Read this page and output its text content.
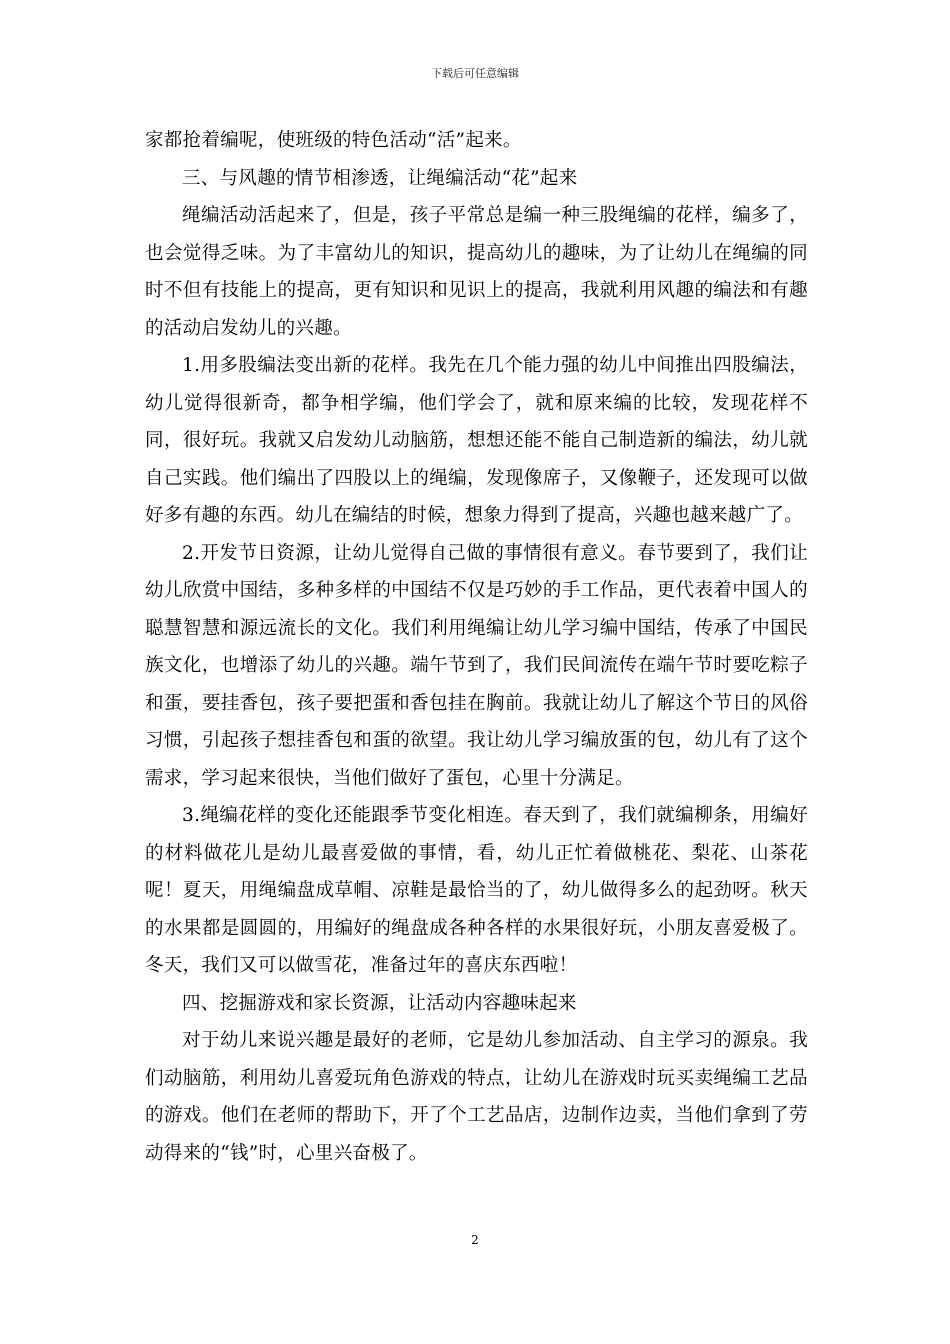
下载后可任意编辑

家都抢着编呢，使班级的特色活动“活”起来。

三、与风趣的情节相渗透，让绳编活动“花”起来

绳编活动活起来了，但是，孩子平常总是编一种三股绳编的花样，编多了，也会觉得乏味。为了丰富幼儿的知识，提高幼儿的趣味，为了让幼儿在绳编的同时不但有技能上的提高，更有知识和见识上的提高，我就利用风趣的编法和有趣的活动启发幼儿的兴趣。

1.用多股编法变出新的花样。我先在几个能力强的幼儿中间推出四股编法，幼儿觉得很新奇，都争相学编，他们学会了，就和原来编的比较，发现花样不同，很好玩。我就又启发幼儿动脑筋，想想还能不能自己制造新的编法，幼儿就自己实践。他们编出了四股以上的绳编，发现像席子，又像鞭子，还发现可以做好多有趣的东西。幼儿在编结的时候，想象力得到了提高，兴趣也越来越广了。

2.开发节日资源，让幼儿觉得自己做的事情很有意义。春节要到了，我们让幼儿欣赏中国结，多种多样的中国结不仅是巧妙的手工作品，更代表着中国人的聪慧智慧和源远流长的文化。我们利用绳编让幼儿学习编中国结，传承了中国民族文化，也增添了幼儿的兴趣。端午节到了，我们民间流传在端午节时要吃粽子和蛋，要挂香包，孩子要把蛋和香包挂在胸前。我就让幼儿了解这个节日的风俗习惯，引起孩子想挂香包和蛋的欲望。我让幼儿学习编放蛋的包，幼儿有了这个需求，学习起来很快，当他们做好了蛋包，心里十分满足。

3.绳编花样的变化还能跟季节变化相连。春天到了，我们就编柳条，用编好的材料做花儿是幼儿最喜爱做的事情，看，幼儿正忙着做桃花、梨花、山茶花呢！夏天，用绳编盘成草帽、凉鞋是最恰当的了，幼儿做得多么的起劲呀。秋天的水果都是圆圆的，用编好的绳盘成各种各样的水果很好玩，小朋友喜爱极了。冬天，我们又可以做雪花，准备过年的喜庆东西啦！

四、挖掘游戏和家长资源，让活动内容趣味起来

对于幼儿来说兴趣是最好的老师，它是幼儿参加活动、自主学习的源泉。我们动脑筋，利用幼儿喜爱玩角色游戏的特点，让幼儿在游戏时玩买卖绳编工艺品的游戏。他们在老师的帮助下，开了个工艺品店，边制作边卖，当他们拿到了劳动得来的“钱”时，心里兴奋极了。

2
